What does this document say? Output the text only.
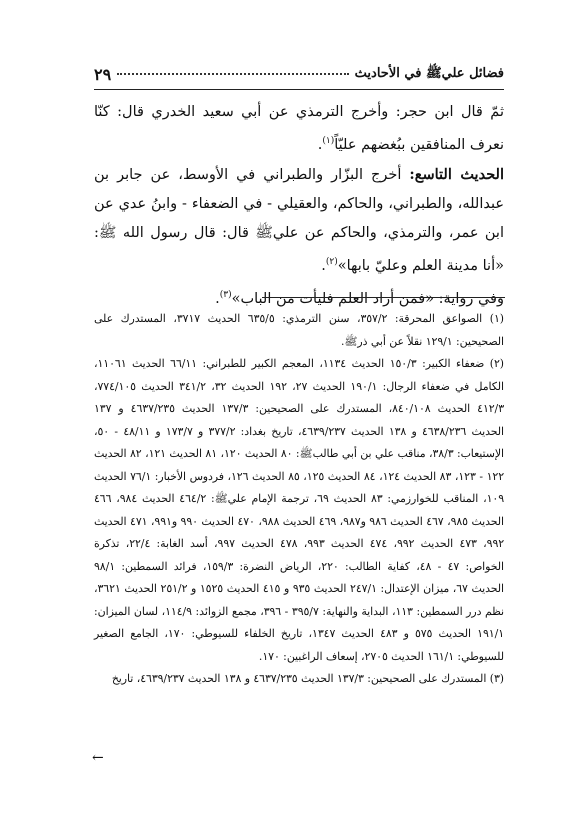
٢٩	فضائل عليﷺ في الأحاديث

ثمّ قال ابن حجر: وأخرج الترمذي عن أبي سعيد الخدري قال: كنّا نعرف المنافقين ببُغضهم عليّاً$^{(١)}$.

الحديث التاسع: أخرج البزّار والطبراني في الأوسط، عن جابر بن عبدالله، والطبراني، والحاكم، والعقيلي - في الضعفاء - وابنُ عدي عن ابن عمر، والترمذي، والحاكم عن عليﷺ قال: قال رسول الله ﷺ: «أنا مدينة العلم وعليّ بابها»$^{(٢)}$.

وفي رواية: «فمن أراد العلم فليأت من الباب»$^{(٣)}$.

(١) الصواعق المحرقة: ٣٥٧/٢، سنن الترمذي: ٦٣٥/٥ الحديث ٣٧١٧، المستدرك على الصحيحين: ١٢٩/١ نقلاً عن أبي ذرﷺ.

(٢) ضعفاء الكبير: ١٥٠/٣ الحديث ١١٣٤، المعجم الكبير للطبراني: ٦٦/١١ الحديث ١١٠٦١، الكامل في ضعفاء الرجال: ١٩٠/١ الحديث ٢٧، ١٩٢ الحديث ٣٢، ٣٤١/٢ الحديث ٧٧٤/١٠٥، ٤١٢/٣ الحديث ٨٤٠/١٠٨، المستدرك على الصحيحين: ١٣٧/٣ الحديث ٤٦٣٧/٢٣٥ و ١٣٧ الحديث ٤٦٣٨/٢٣٦ و ١٣٨ الحديث ٤٦٣٩/٢٣٧، تاريخ بغداد: ٣٧٧/٢ و ١٧٣/٧ و ٤٨/١١ - ٥٠، الإستيعاب: ٣٨/٣، مناقب علي بن أبي طالبﷺ: ٨٠ الحديث ١٢٠، ٨١ الحديث ١٢١، ٨٢ الحديث ١٢٢ - ١٢٣، ٨٣ الحديث ١٢٤، ٨٤ الحديث ١٢٥، ٨٥ الحديث ١٢٦، فردوس الأخبار: ٧٦/١ الحديث ١٠٩، المناقب للخوارزمي: ٨٣ الحديث ٦٩، ترجمة الإمام عليﷺ: ٤٦٤/٢ الحديث ٩٨٤، ٤٦٦ الحديث ٩٨٥، ٤٦٧ الحديث ٩٨٦ و٩٨٧، ٤٦٩ الحديث ٩٨٨، ٤٧٠ الحديث ٩٩٠ و٩٩١، ٤٧١ الحديث ٩٩٢، ٤٧٣ الحديث ٩٩٢، ٤٧٤ الحديث ٩٩٣، ٤٧٨ الحديث ٩٩٧، أسد الغابة: ٢٢/٤، تذكرة الخواص: ٤٧ - ٤٨، كفاية الطالب: ٢٢٠، الرياض النضرة: ١٥٩/٣، فرائد السمطين: ٩٨/١ الحديث ٦٧، ميزان الإعتدال: ٢٤٧/١ الحديث ٩٣٥ و ٤١٥ الحديث ١٥٢٥ و ٢٥١/٢ الحديث ٣٦٢١، نظم درر السمطين: ١١٣، البداية والنهاية: ٣٩٥/٧ - ٣٩٦، مجمع الزوائد: ١١٤/٩، لسان الميزان: ١٩١/١ الحديث ٥٧٥ و ٤٨٣ الحديث ١٣٤٧، تاريخ الخلفاء للسيوطي: ١٧٠، الجامع الصغير للسيوطي: ١٦١/١ الحديث ٢٧٠٥، إسعاف الراغبين: ١٧٠.

(٣) المستدرك على الصحيحين: ١٣٧/٣ الحديث ٤٦٣٧/٢٣٥ و ١٣٨ الحديث ٤٦٣٩/٢٣٧، تاريخ

←
